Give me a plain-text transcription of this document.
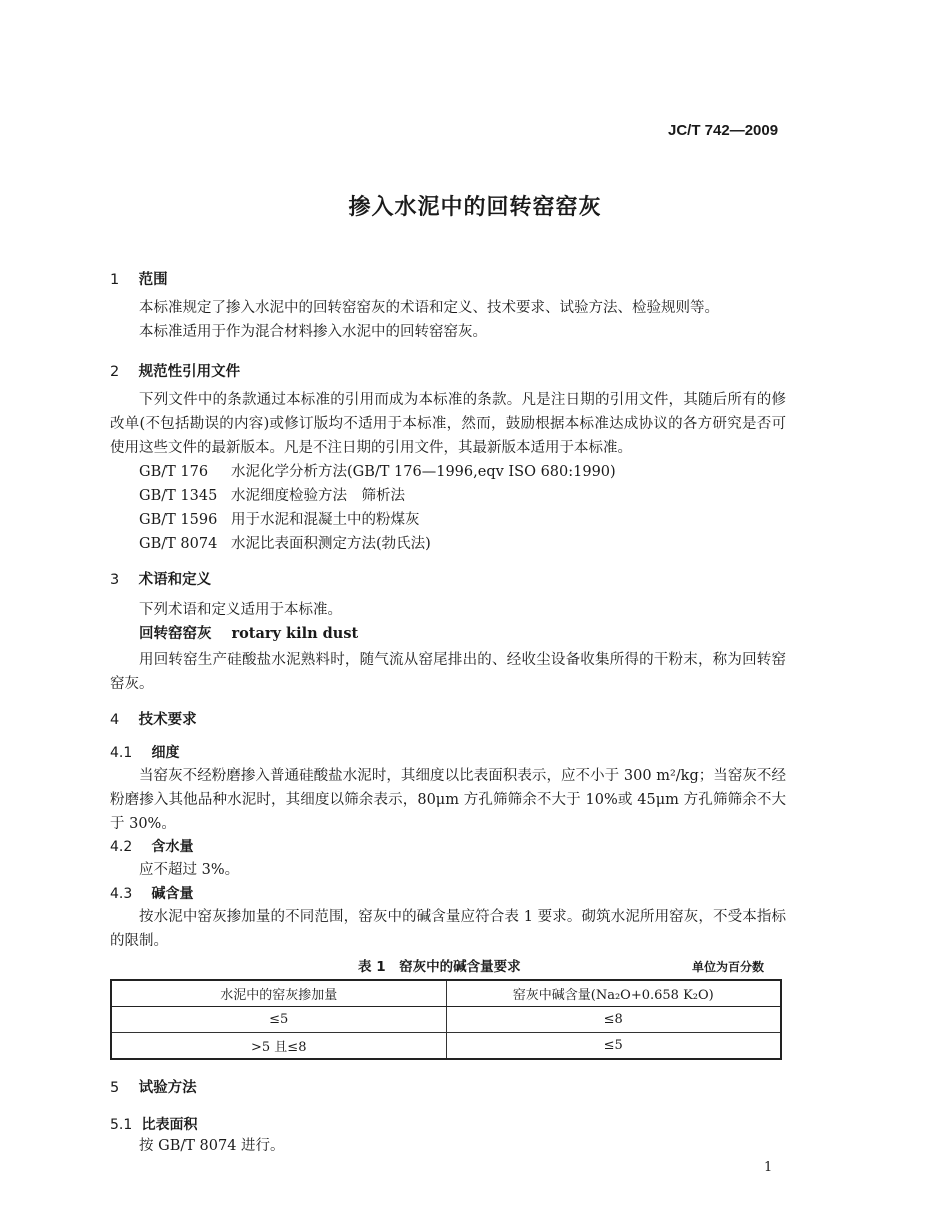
JC/T 742—2009
掺入水泥中的回转窑窑灰
1 范围
本标准规定了掺入水泥中的回转窑窑灰的术语和定义、技术要求、试验方法、检验规则等。
本标准适用于作为混合材料掺入水泥中的回转窑窑灰。
2 规范性引用文件
下列文件中的条款通过本标准的引用而成为本标准的条款。凡是注日期的引用文件，其随后所有的修改单(不包括勘误的内容)或修订版均不适用于本标准，然而，鼓励根据本标准达成协议的各方研究是否可使用这些文件的最新版本。凡是不注日期的引用文件，其最新版本适用于本标准。
GB/T 176 水泥化学分析方法(GB/T 176—1996,eqv ISO 680:1990)
GB/T 1345 水泥细度检验方法　筛析法
GB/T 1596 用于水泥和混凝土中的粉煤灰
GB/T 8074 水泥比表面积测定方法(勃氏法)
3 术语和定义
下列术语和定义适用于本标准。
回转窑窑灰 rotary kiln dust
用回转窑生产硅酸盐水泥熟料时，随气流从窑尾排出的、经收尘设备收集所得的干粉末，称为回转窑窑灰。
4 技术要求
4.1 细度
当窑灰不经粉磨掺入普通硅酸盐水泥时，其细度以比表面积表示，应不小于 300 m²/kg；当窑灰不经粉磨掺入其他品种水泥时，其细度以筛余表示，80μm 方孔筛筛余不大于 10%或 45μm 方孔筛筛余不大于 30%。
4.2 含水量
应不超过 3%。
4.3 碱含量
按水泥中窑灰掺加量的不同范围，窑灰中的碱含量应符合表 1 要求。砌筑水泥所用窑灰，不受本指标的限制。
表 1　窑灰中的碱含量要求	单位为百分数
水泥中的窑灰掺加量	窑灰中碱含量(Na₂O+0.658 K₂O)
≤5	≤8
>5 且≤8	≤5
5 试验方法
5.1 比表面积
按 GB/T 8074 进行。
1
